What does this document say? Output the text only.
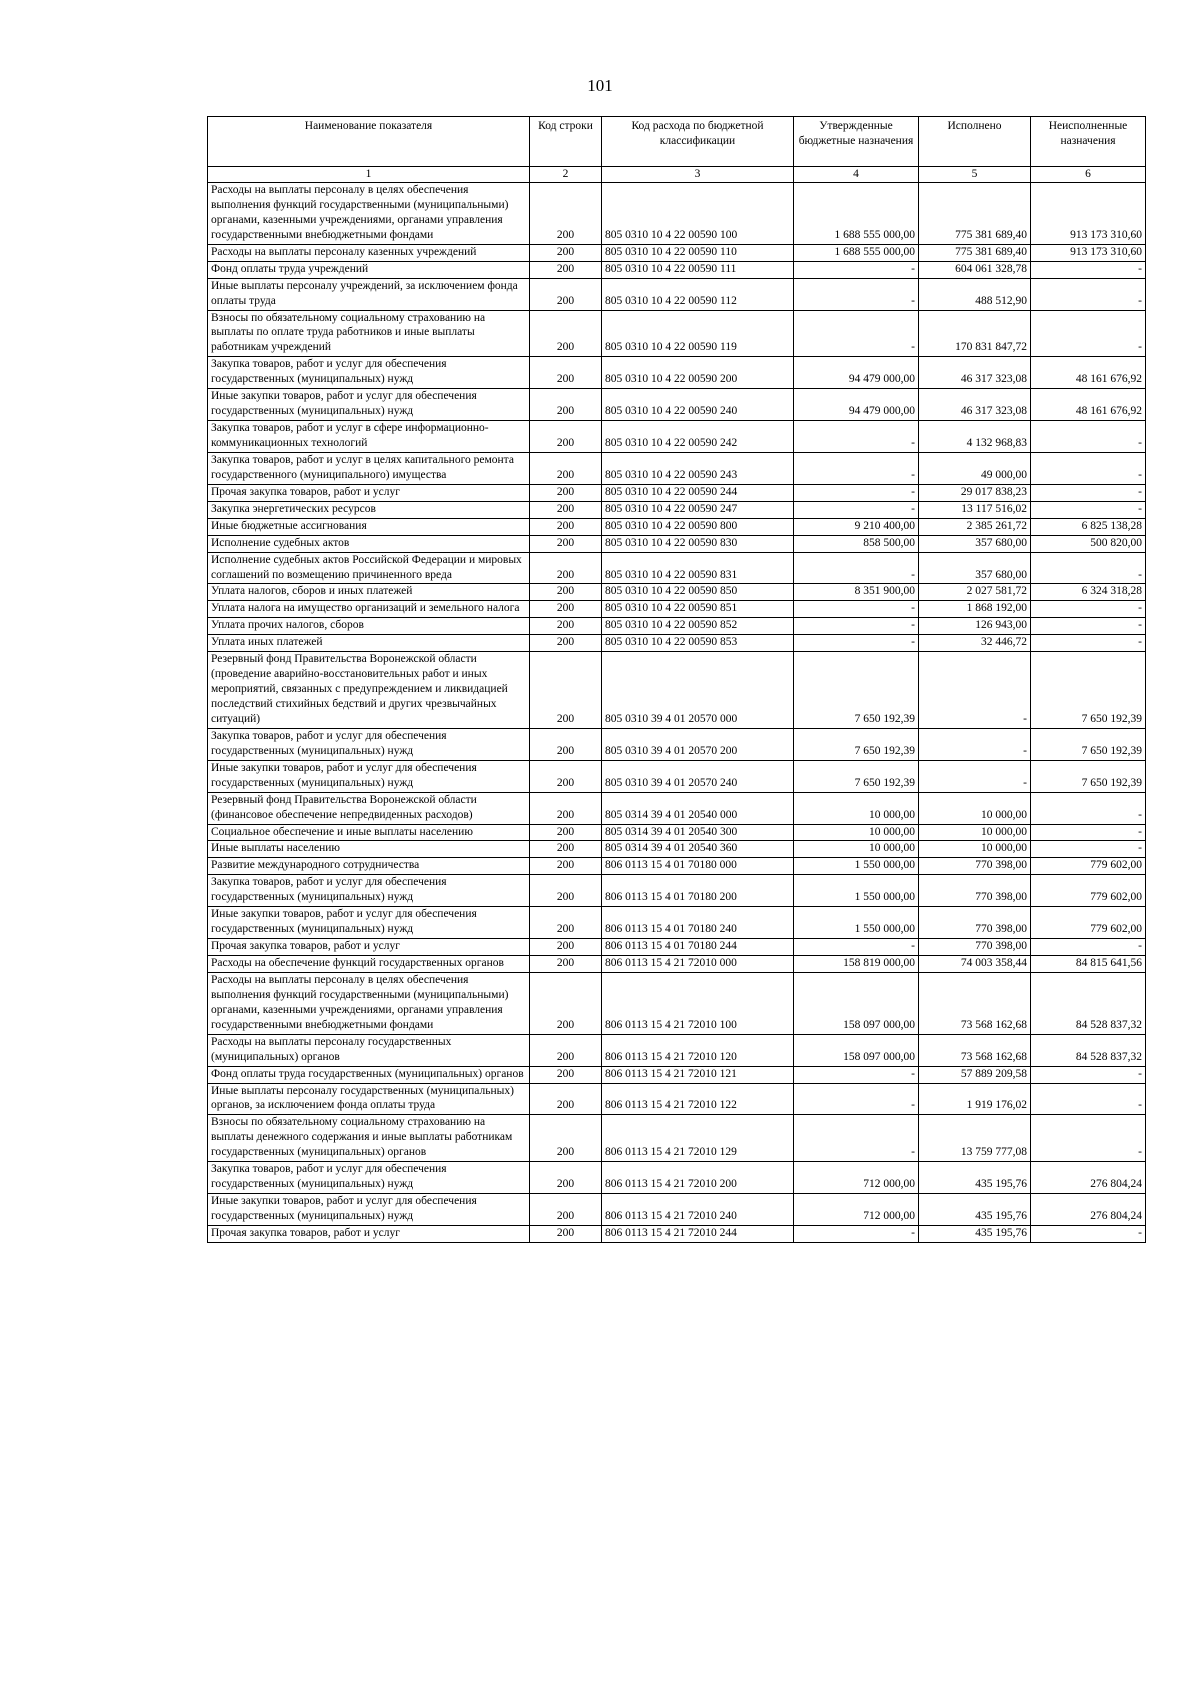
101
Наименование показателя	Код строки	Код расхода по бюджетной классификации	Утвержденные бюджетные назначения	Исполнено	Неисполненные назначения
1	2	3	4	5	6
Расходы на выплаты персоналу в целях обеспечения выполнения функций государственными (муниципальными) органами, казенными учреждениями, органами управления государственными внебюджетными фондами	200	805 0310 10 4 22 00590 100	1 688 555 000,00	775 381 689,40	913 173 310,60
Расходы на выплаты персоналу казенных учреждений	200	805 0310 10 4 22 00590 110	1 688 555 000,00	775 381 689,40	913 173 310,60
Фонд оплаты труда учреждений	200	805 0310 10 4 22 00590 111	-	604 061 328,78	-
Иные выплаты персоналу учреждений, за исключением фонда оплаты труда	200	805 0310 10 4 22 00590 112	-	488 512,90	-
Взносы по обязательному социальному страхованию на выплаты по оплате труда работников и иные выплаты работникам учреждений	200	805 0310 10 4 22 00590 119	-	170 831 847,72	-
Закупка товаров, работ и услуг для обеспечения государственных (муниципальных) нужд	200	805 0310 10 4 22 00590 200	94 479 000,00	46 317 323,08	48 161 676,92
Иные закупки товаров, работ и услуг для обеспечения государственных (муниципальных) нужд	200	805 0310 10 4 22 00590 240	94 479 000,00	46 317 323,08	48 161 676,92
Закупка товаров, работ и услуг в сфере информационно-коммуникационных технологий	200	805 0310 10 4 22 00590 242	-	4 132 968,83	-
Закупка товаров, работ и услуг в целях капитального ремонта государственного (муниципального) имущества	200	805 0310 10 4 22 00590 243	-	49 000,00	-
Прочая закупка товаров, работ и услуг	200	805 0310 10 4 22 00590 244	-	29 017 838,23	-
Закупка энергетических ресурсов	200	805 0310 10 4 22 00590 247	-	13 117 516,02	-
Иные бюджетные ассигнования	200	805 0310 10 4 22 00590 800	9 210 400,00	2 385 261,72	6 825 138,28
Исполнение судебных актов	200	805 0310 10 4 22 00590 830	858 500,00	357 680,00	500 820,00
Исполнение судебных актов Российской Федерации и мировых соглашений по возмещению причиненного вреда	200	805 0310 10 4 22 00590 831	-	357 680,00	-
Уплата налогов, сборов и иных платежей	200	805 0310 10 4 22 00590 850	8 351 900,00	2 027 581,72	6 324 318,28
Уплата налога на имущество организаций и земельного налога	200	805 0310 10 4 22 00590 851	-	1 868 192,00	-
Уплата прочих налогов, сборов	200	805 0310 10 4 22 00590 852	-	126 943,00	-
Уплата иных платежей	200	805 0310 10 4 22 00590 853	-	32 446,72	-
Резервный фонд Правительства Воронежской области (проведение аварийно-восстановительных работ и иных мероприятий, связанных с предупреждением и ликвидацией последствий стихийных бедствий и других чрезвычайных ситуаций)	200	805 0310 39 4 01 20570 000	7 650 192,39	-	7 650 192,39
Закупка товаров, работ и услуг для обеспечения государственных (муниципальных) нужд	200	805 0310 39 4 01 20570 200	7 650 192,39	-	7 650 192,39
Иные закупки товаров, работ и услуг для обеспечения государственных (муниципальных) нужд	200	805 0310 39 4 01 20570 240	7 650 192,39	-	7 650 192,39
Резервный фонд Правительства Воронежской области (финансовое обеспечение непредвиденных расходов)	200	805 0314 39 4 01 20540 000	10 000,00	10 000,00	-
Социальное обеспечение и иные выплаты населению	200	805 0314 39 4 01 20540 300	10 000,00	10 000,00	-
Иные выплаты населению	200	805 0314 39 4 01 20540 360	10 000,00	10 000,00	-
Развитие международного сотрудничества	200	806 0113 15 4 01 70180 000	1 550 000,00	770 398,00	779 602,00
Закупка товаров, работ и услуг для обеспечения государственных (муниципальных) нужд	200	806 0113 15 4 01 70180 200	1 550 000,00	770 398,00	779 602,00
Иные закупки товаров, работ и услуг для обеспечения государственных (муниципальных) нужд	200	806 0113 15 4 01 70180 240	1 550 000,00	770 398,00	779 602,00
Прочая закупка товаров, работ и услуг	200	806 0113 15 4 01 70180 244	-	770 398,00	-
Расходы на обеспечение функций государственных органов	200	806 0113 15 4 21 72010 000	158 819 000,00	74 003 358,44	84 815 641,56
Расходы на выплаты персоналу в целях обеспечения выполнения функций государственными (муниципальными) органами, казенными учреждениями, органами управления государственными внебюджетными фондами	200	806 0113 15 4 21 72010 100	158 097 000,00	73 568 162,68	84 528 837,32
Расходы на выплаты персоналу государственных (муниципальных) органов	200	806 0113 15 4 21 72010 120	158 097 000,00	73 568 162,68	84 528 837,32
Фонд оплаты труда государственных (муниципальных) органов	200	806 0113 15 4 21 72010 121	-	57 889 209,58	-
Иные выплаты персоналу государственных (муниципальных) органов, за исключением фонда оплаты труда	200	806 0113 15 4 21 72010 122	-	1 919 176,02	-
Взносы по обязательному социальному страхованию на выплаты денежного содержания и иные выплаты работникам государственных (муниципальных) органов	200	806 0113 15 4 21 72010 129	-	13 759 777,08	-
Закупка товаров, работ и услуг для обеспечения государственных (муниципальных) нужд	200	806 0113 15 4 21 72010 200	712 000,00	435 195,76	276 804,24
Иные закупки товаров, работ и услуг для обеспечения государственных (муниципальных) нужд	200	806 0113 15 4 21 72010 240	712 000,00	435 195,76	276 804,24
Прочая закупка товаров, работ и услуг	200	806 0113 15 4 21 72010 244	-	435 195,76	-
